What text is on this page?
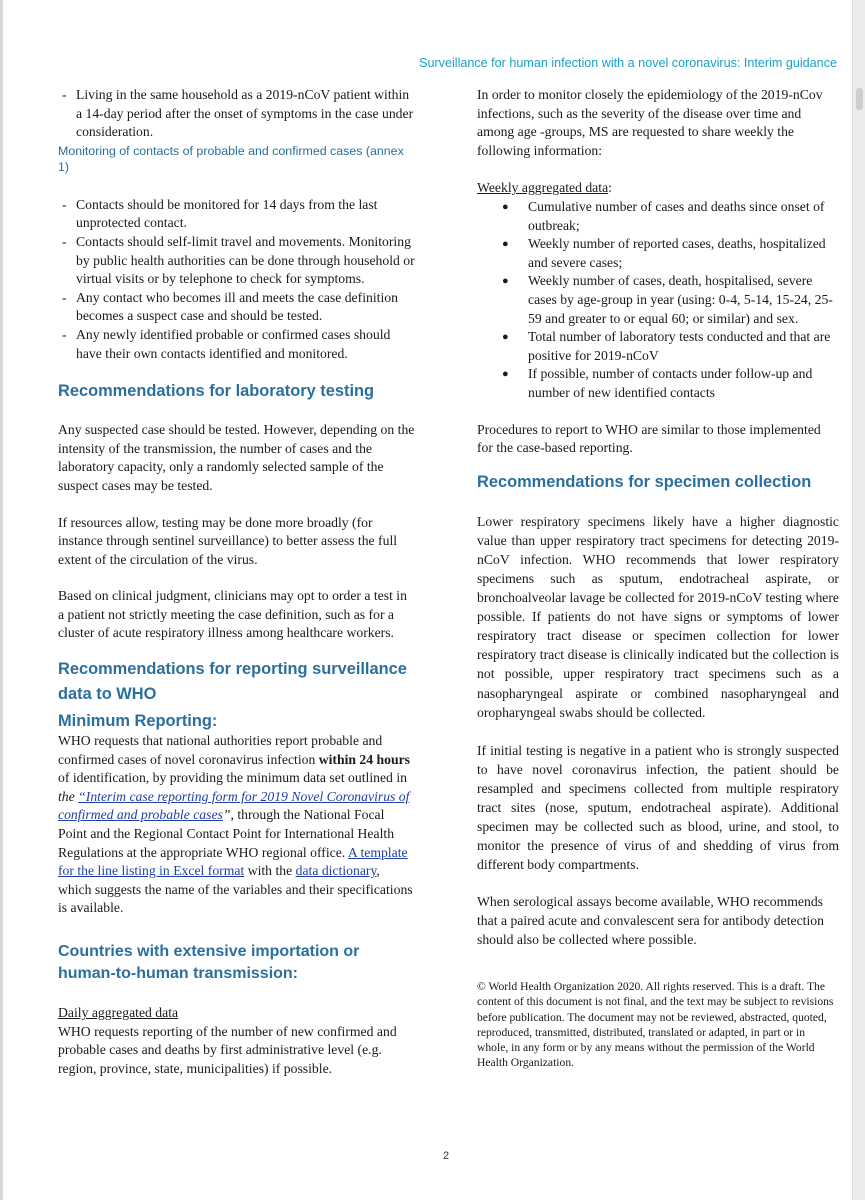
Surveillance for human infection with a novel coronavirus: Interim guidance
- Living in the same household as a 2019-nCoV patient within a 14-day period after the onset of symptoms in the case under consideration.

Monitoring of contacts of probable and confirmed cases (annex 1)

- Contacts should be monitored for 14 days from the last unprotected contact.
- Contacts should self-limit travel and movements. Monitoring by public health authorities can be done through household or virtual visits or by telephone to check for symptoms.
- Any contact who becomes ill and meets the case definition becomes a suspect case and should be tested.
- Any newly identified probable or confirmed cases should have their own contacts identified and monitored.
Recommendations for laboratory testing

Any suspected case should be tested. However, depending on the intensity of the transmission, the number of cases and the laboratory capacity, only a randomly selected sample of the suspect cases may be tested.

If resources allow, testing may be done more broadly (for instance through sentinel surveillance) to better assess the full extent of the circulation of the virus.

Based on clinical judgment, clinicians may opt to order a test in a patient not strictly meeting the case definition, such as for a cluster of acute respiratory illness among healthcare workers.

Recommendations for reporting surveillance data to WHO
Minimum Reporting:

WHO requests that national authorities report probable and confirmed cases of novel coronavirus infection within 24 hours of identification, by providing the minimum data set outlined in the “Interim case reporting form for 2019 Novel Coronavirus of confirmed and probable cases”, through the National Focal Point and the Regional Contact Point for International Health Regulations at the appropriate WHO regional office. A template for the line listing in Excel format with the data dictionary, which suggests the name of the variables and their specifications is available.

Countries with extensive importation or human-to-human transmission:

Daily aggregated data

WHO requests reporting of the number of new confirmed and probable cases and deaths by first administrative level (e.g. region, province, state, municipalities) if possible.

In order to monitor closely the epidemiology of the 2019-nCov infections, such as the severity of the disease over time and among age -groups, MS are requested to share weekly the following information:

Weekly aggregated data:

● Cumulative number of cases and deaths since onset of outbreak;
● Weekly number of reported cases, deaths, hospitalized and severe cases;
● Weekly number of cases, death, hospitalised, severe cases by age-group in year (using: 0-4, 5-14, 15-24, 25-59 and greater to or equal 60; or similar) and sex.
● Total number of laboratory tests conducted and that are positive for 2019-nCoV
● If possible, number of contacts under follow-up and number of new identified contacts

Procedures to report to WHO are similar to those implemented for the case-based reporting.

Recommendations for specimen collection

Lower respiratory specimens likely have a higher diagnostic value than upper respiratory tract specimens for detecting 2019-nCoV infection. WHO recommends that lower respiratory specimens such as sputum, endotracheal aspirate, or bronchoalveolar lavage be collected for 2019-nCoV testing where possible. If patients do not have signs or symptoms of lower respiratory tract disease or specimen collection for lower respiratory tract disease is clinically indicated but the collection is not possible, upper respiratory tract specimens such as a nasopharyngeal aspirate or combined nasopharyngeal and oropharyngeal swabs should be collected.

If initial testing is negative in a patient who is strongly suspected to have novel coronavirus infection, the patient should be resampled and specimens collected from multiple respiratory tract sites (nose, sputum, endotracheal aspirate). Additional specimen may be collected such as blood, urine, and stool, to monitor the presence of virus of and shedding of virus from different body compartments.

When serological assays become available, WHO recommends that a paired acute and convalescent sera for antibody detection should also be collected where possible.

© World Health Organization 2020. All rights reserved. This is a draft. The content of this document is not final, and the text may be subject to revisions before publication. The document may not be reviewed, abstracted, quoted, reproduced, transmitted, distributed, translated or adapted, in part or in whole, in any form or by any means without the permission of the World Health Organization.

2
